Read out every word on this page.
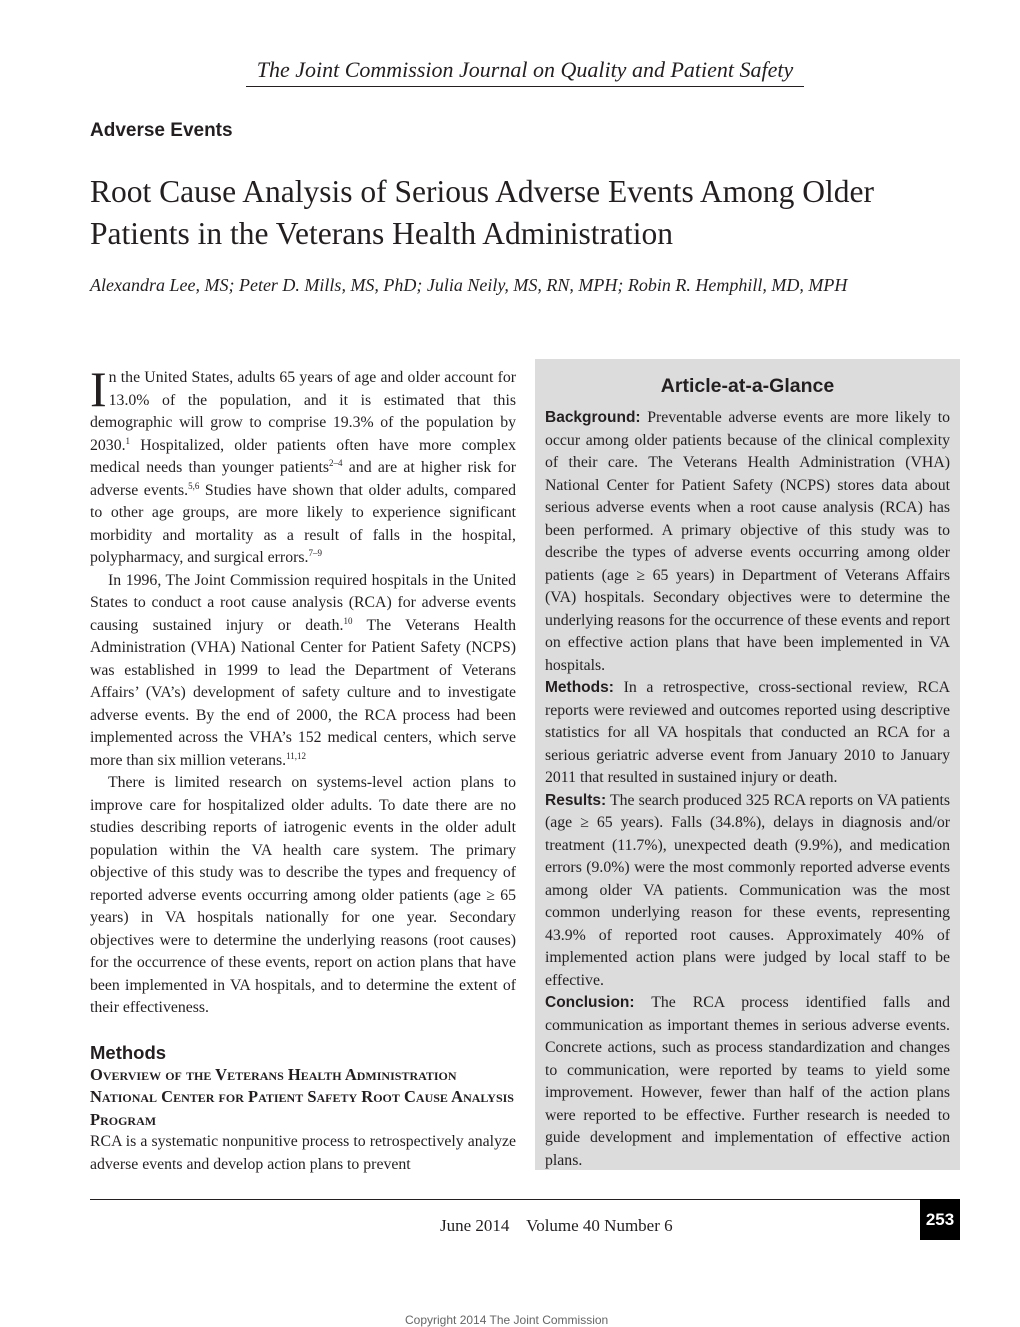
The Joint Commission Journal on Quality and Patient Safety
Adverse Events
Root Cause Analysis of Serious Adverse Events Among Older
Patients in the Veterans Health Administration
Alexandra Lee, MS; Peter D. Mills, MS, PhD; Julia Neily, MS, RN, MPH; Robin R. Hemphill, MD, MPH

In the United States, adults 65 years of age and older account for 13.0% of the population, and it is estimated that this demographic will grow to comprise 19.3% of the population by 2030.$^1$ Hospitalized, older patients often have more complex medical needs than younger patients$^{2-4}$ and are at higher risk for adverse events.$^{5,6}$ Studies have shown that older adults, compared to other age groups, are more likely to experience significant morbidity and mortality as a result of falls in the hospital, polypharmacy, and surgical errors.$^{7-9}$

In 1996, The Joint Commission required hospitals in the United States to conduct a root cause analysis (RCA) for adverse events causing sustained injury or death.$^{10}$ The Veterans Health Administration (VHA) National Center for Patient Safety (NCPS) was established in 1999 to lead the Department of Veterans Affairs’ (VA’s) development of safety culture and to investigate adverse events. By the end of 2000, the RCA process had been implemented across the VHA’s 152 medical centers, which serve more than six million veterans.$^{11,12}$

There is limited research on systems-level action plans to improve care for hospitalized older adults. To date there are no studies describing reports of iatrogenic events in the older adult population within the VA health care system. The primary objective of this study was to describe the types and frequency of reported adverse events occurring among older patients (age ≥ 65 years) in VA hospitals nationally for one year. Secondary objectives were to determine the underlying reasons (root causes) for the occurrence of these events, report on action plans that have been implemented in VA hospitals, and to determine the extent of their effectiveness.

Methods
Overview of the Veterans Health Administration National Center for Patient Safety Root Cause Analysis Program

RCA is a systematic nonpunitive process to retrospectively analyze adverse events and develop action plans to prevent

Article-at-a-Glance

Background: Preventable adverse events are more likely to occur among older patients because of the clinical complexity of their care. The Veterans Health Administration (VHA) National Center for Patient Safety (NCPS) stores data about serious adverse events when a root cause analysis (RCA) has been performed. A primary objective of this study was to describe the types of adverse events occurring among older patients (age ≥ 65 years) in Department of Veterans Affairs (VA) hospitals. Secondary objectives were to determine the underlying reasons for the occurrence of these events and report on effective action plans that have been implemented in VA hospitals.

Methods: In a retrospective, cross-sectional review, RCA reports were reviewed and outcomes reported using descriptive statistics for all VA hospitals that conducted an RCA for a serious geriatric adverse event from January 2010 to January 2011 that resulted in sustained injury or death.

Results: The search produced 325 RCA reports on VA patients (age ≥ 65 years). Falls (34.8%), delays in diagnosis and/or treatment (11.7%), unexpected death (9.9%), and medication errors (9.0%) were the most commonly reported adverse events among older VA patients. Communication was the most common underlying reason for these events, representing 43.9% of reported root causes. Approximately 40% of implemented action plans were judged by local staff to be effective.

Conclusion: The RCA process identified falls and communication as important themes in serious adverse events. Concrete actions, such as process standardization and changes to communication, were reported by teams to yield some improvement. However, fewer than half of the action plans were reported to be effective. Further research is needed to guide development and implementation of effective action plans.

June 2014    Volume 40 Number 6	253
Copyright 2014 The Joint Commission
